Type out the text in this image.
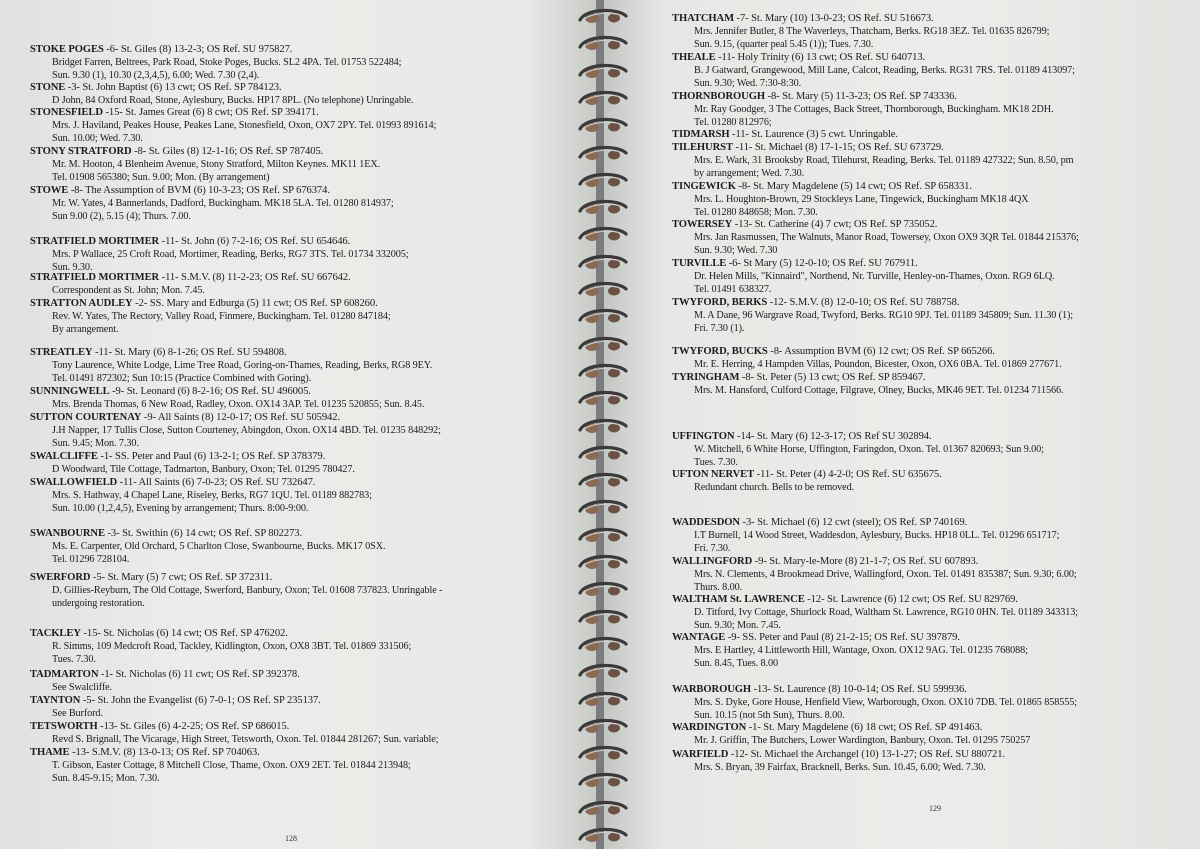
STOKE POGES -6- St. Giles (8) 13-2-3; OS Ref. SU 975827.
Bridget Farren, Beltrees, Park Road, Stoke Poges, Bucks. SL2 4PA. Tel. 01753 522484;
Sun. 9.30 (1), 10.30 (2,3,4,5), 6.00; Wed. 7.30 (2,4).
STONE -3- St. John Baptist (6) 13 cwt; OS Ref. SP 784123.
D John, 84 Oxford Road, Stone, Aylesbury, Bucks. HP17 8PL. (No telephone) Unringable.
STONESFIELD -15- St. James Great (6) 8 cwt; OS Ref. SP 394171.
Mrs. J. Haviland, Peakes House, Peakes Lane, Stonesfield, Oxon, OX7 2PY. Tel. 01993 891614;
Sun. 10.00; Wed. 7.30.
STONY STRATFORD -8- St. Giles (8) 12-1-16; OS Ref. SP 787405.
Mr. M. Hooton, 4 Blenheim Avenue, Stony Stratford, Milton Keynes. MK11 1EX.
Tel. 01908 565380; Sun. 9.00; Mon. (By arrangement)
STOWE -8- The Assumption of BVM (6) 10-3-23; OS Ref. SP 676374.
Mr. W. Yates, 4 Bannerlands, Dadford, Buckingham. MK18 5LA. Tel. 01280 814937;
Sun 9.00 (2), 5.15 (4); Thurs. 7.00.
STRATFIELD MORTIMER -11- St. John (6) 7-2-16; OS Ref. SU 654646.
Mrs. P Wallace, 25 Croft Road, Mortimer, Reading, Berks, RG7 3TS. Tel. 01734 332005;
Sun. 9.30.
STRATFIELD MORTIMER -11- S.M.V. (8) 11-2-23; OS Ref. SU 667642.
Correspondent as St. John; Mon. 7.45.
STRATTON AUDLEY -2- SS. Mary and Edburga (5) 11 cwt; OS Ref. SP 608260.
Rev. W. Yates, The Rectory, Valley Road, Finmere, Buckingham. Tel. 01280 847184;
By arrangement.
STREATLEY -11- St. Mary (6) 8-1-26; OS Ref. SU 594808.
Tony Laurence, White Lodge, Lime Tree Road, Goring-on-Thames, Reading, Berks, RG8 9EY.
Tel. 01491 872302; Sun 10:15 (Practice Combined with Goring).
SUNNINGWELL -9- St. Leonard (6) 8-2-16; OS Ref. SU 496005.
Mrs. Brenda Thomas, 6 New Road, Radley, Oxon. OX14 3AP. Tel. 01235 520855; Sun. 8.45.
SUTTON COURTENAY -9- All Saints (8) 12-0-17; OS Ref. SU 505942.
J.H Napper, 17 Tullis Close, Sutton Courteney, Abingdon, Oxon. OX14 4BD. Tel. 01235 848292;
Sun. 9.45; Mon. 7.30.
SWALCLIFFE -1- SS. Peter and Paul (6) 13-2-1; OS Ref. SP 378379.
D Woodward, Tile Cottage, Tadmarton, Banbury, Oxon; Tel. 01295 780427.
SWALLOWFIELD -11- All Saints (6) 7-0-23; OS Ref. SU 732647.
Mrs. S. Hathway, 4 Chapel Lane, Riseley, Berks, RG7 1QU. Tel. 01189 882783;
Sun. 10.00 (1,2,4,5), Evening by arrangement; Thurs. 8:00-9:00.
SWANBOURNE -3- St. Swithin (6) 14 cwt; OS Ref. SP 802273.
Ms. E. Carpenter, Old Orchard, 5 Charlton Close, Swanbourne, Bucks. MK17 0SX.
Tel. 01296 728104.
SWERFORD -5- St. Mary (5) 7 cwt; OS Ref. SP 372311.
D. Gillies-Reyburn, The Old Cottage, Swerford, Banbury, Oxon; Tel. 01608 737823. Unringable -
undergoing restoration.
TACKLEY -15- St. Nicholas (6) 14 cwt; OS Ref. SP 476202.
R. Simms, 109 Medcroft Road, Tackley, Kidlington, Oxon, OX8 3BT. Tel. 01869 331506;
Tues. 7.30.
TADMARTON -1- St. Nicholas (6) 11 cwt; OS Ref. SP 392378.
See Swalcliffe.
TAYNTON -5- St. John the Evangelist (6) 7-0-1; OS Ref. SP 235137.
See Burford.
TETSWORTH -13- St. Giles (6) 4-2-25; OS Ref. SP 686015.
Revd S. Brignall, The Vicarage, High Street, Tetsworth, Oxon. Tel. 01844 281267; Sun. variable;
THAME -13- S.M.V. (8) 13-0-13; OS Ref. SP 704063.
T. Gibson, Easter Cottage, 8 Mitchell Close, Thame, Oxon. OX9 2ET. Tel. 01844 213948;
Sun. 8.45-9.15; Mon. 7.30.
128
THATCHAM -7- St. Mary (10) 13-0-23; OS Ref. SU 516673.
Mrs. Jennifer Butler, 8 The Waverleys, Thatcham, Berks. RG18 3EZ. Tel. 01635 826799;
Sun. 9.15, (quarter peal 5.45 (1)); Tues. 7.30.
THEALE -11- Holy Trinity (6) 13 cwt; OS Ref. SU 640713.
B. J Gatward, Grangewood, Mill Lane, Calcot, Reading, Berks. RG31 7RS. Tel. 01189 413097;
Sun. 9.30; Wed. 7:30-8:30.
THORNBOROUGH -8- St. Mary (5) 11-3-23; OS Ref. SP 743336.
Mr. Ray Goodger, 3 The Cottages, Back Street, Thornborough, Buckingham. MK18 2DH.
Tel. 01280 812976;
TIDMARSH -11- St. Laurence (3) 5 cwt. Unringable.
TILEHURST -11- St. Michael (8) 17-1-15; OS Ref. SU 673729.
Mrs. E. Wark, 31 Brooksby Road, Tilehurst, Reading, Berks. Tel. 01189 427322; Sun. 8.50, pm
by arrangement; Wed. 7.30.
TINGEWICK -8- St. Mary Magdelene (5) 14 cwt; OS Ref. SP 658331.
Mrs. L. Houghton-Brown, 29 Stockleys Lane, Tingewick, Buckingham MK18 4QX
Tel. 01280 848658; Mon. 7.30.
TOWERSEY -13- St. Catherine (4) 7 cwt; OS Ref. SP 735052.
Mrs. Jan Rasmussen, The Walnuts, Manor Road, Towersey, Oxon OX9 3QR Tel. 01844 215376;
Sun. 9.30; Wed. 7.30
TURVILLE -6- St Mary (5) 12-0-10; OS Ref. SU 767911.
Dr. Helen Mills, "Kinnaird", Northend, Nr. Turville, Henley-on-Thames, Oxon. RG9 6LQ.
Tel. 01491 638327.
TWYFORD, BERKS -12- S.M.V. (8) 12-0-10; OS Ref. SU 788758.
M. A Dane, 96 Wargrave Road, Twyford, Berks. RG10 9PJ. Tel. 01189 345809; Sun. 11.30 (1);
Fri. 7.30 (1).
TWYFORD, BUCKS -8- Assumption BVM (6) 12 cwt; OS Ref. SP 665266.
Mr. E. Herring, 4 Hampden Villas, Poundon, Bicester, Oxon, OX6 0BA. Tel. 01869 277671.
TYRINGHAM -8- St. Peter (5) 13 cwt; OS Ref. SP 859467.
Mrs. M. Hansford, Culford Cottage, Filgrave, Olney, Bucks, MK46 9ET. Tel. 01234 711566.
UFFINGTON -14- St. Mary (6) 12-3-17; OS Ref SU 302894.
W. Mitchell, 6 White Horse, Uffington, Faringdon, Oxon. Tel. 01367 820693; Sun 9.00;
Tues. 7.30.
UFTON NERVET -11- St. Peter (4) 4-2-0; OS Ref. SU 635675.
Redundant church. Bells to be removed.
WADDESDON -3- St. Michael (6) 12 cwt (steel); OS Ref. SP 740169.
I.T Burnell, 14 Wood Street, Waddesdon, Aylesbury, Bucks. HP18 0LL. Tel. 01296 651717;
Fri. 7.30.
WALLINGFORD -9- St. Mary-le-More (8) 21-1-7; OS Ref. SU 607893.
Mrs. N. Clements, 4 Brookmead Drive, Wallingford, Oxon. Tel. 01491 835387; Sun. 9.30; 6.00;
Thurs. 8.00.
WALTHAM St. LAWRENCE -12- St. Lawrence (6) 12 cwt; OS Ref. SU 829769.
D. Titford, Ivy Cottage, Shurlock Road, Waltham St. Lawrence, RG10 0HN. Tel. 01189 343313;
Sun. 9.30; Mon. 7.45.
WANTAGE -9- SS. Peter and Paul (8) 21-2-15; OS Ref. SU 397879.
Mrs. E Hartley, 4 Littleworth Hill, Wantage, Oxon. OX12 9AG. Tel. 01235 768088;
Sun. 8.45, Tues. 8.00
WARBOROUGH -13- St. Laurence (8) 10-0-14; OS Ref. SU 599936.
Mrs. S. Dyke, Gore House, Henfield View, Warborough, Oxon. OX10 7DB. Tel. 01865 858555;
Sun. 10.15 (not 5th Sun), Thurs. 8.00.
WARDINGTON -1- St. Mary Magdelene (6) 18 cwt; OS Ref. SP 491463.
Mr. J. Griffin, The Butchers, Lower Wardington, Banbury, Oxon. Tel. 01295 750257
WARFIELD -12- St. Michael the Archangel (10) 13-1-27; OS Ref. SU 880721.
Mrs. S. Bryan, 39 Fairfax, Bracknell, Berks. Sun. 10.45, 6.00; Wed. 7.30.
129
